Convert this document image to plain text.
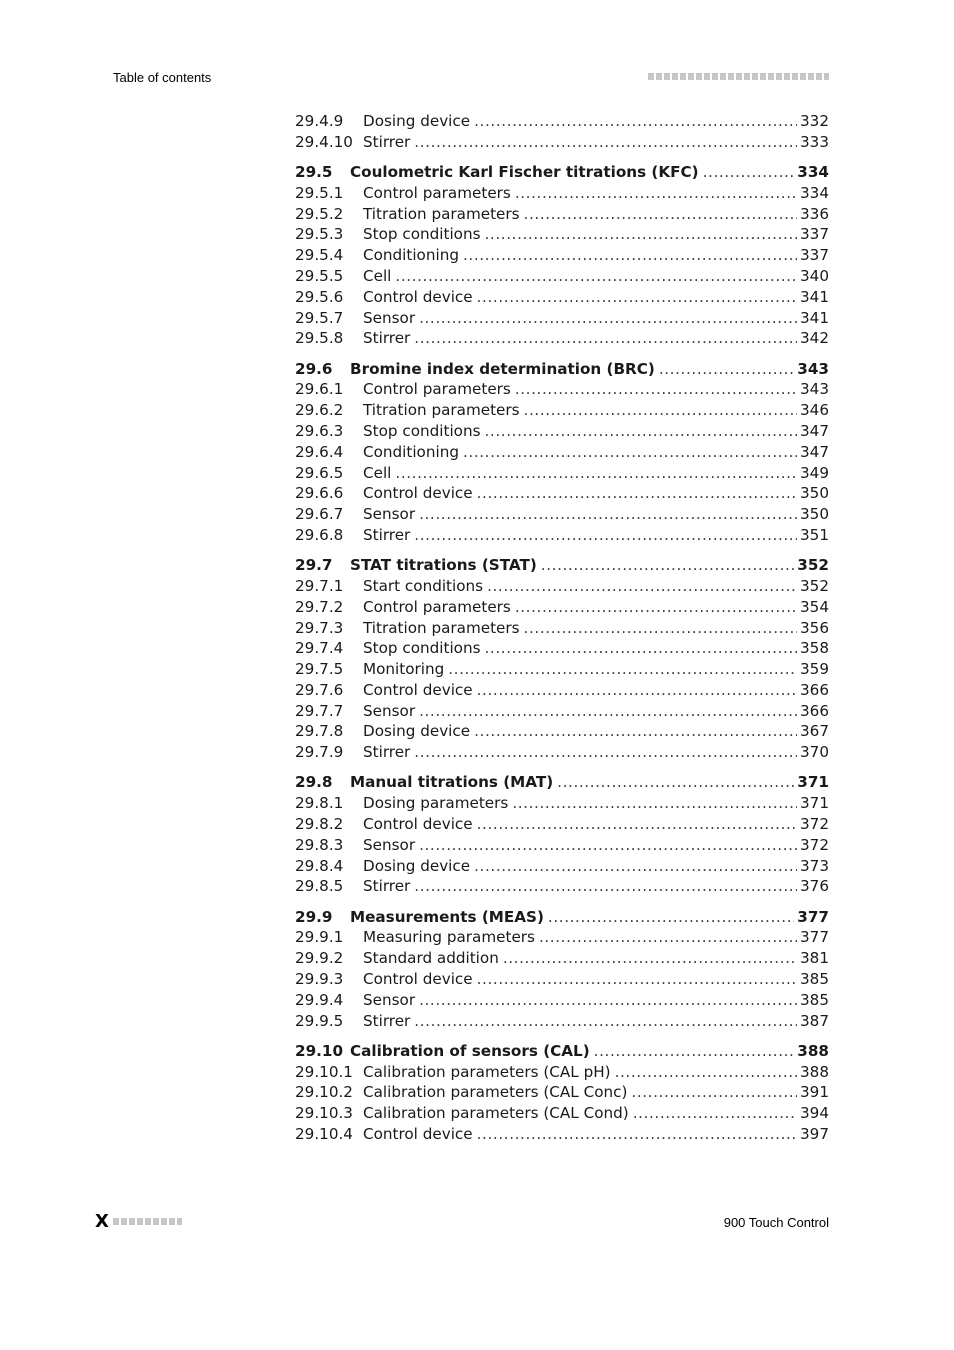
Table of contents
29.4.9	Dosing device .....	332
29.4.10 Stirrer .....	333
29.5	Coulometric Karl Fischer titrations (KFC) .....	334
29.5.1	Control parameters .....	334
29.5.2	Titration parameters .....	336
29.5.3	Stop conditions .....	337
29.5.4	Conditioning .....	337
29.5.5	Cell .....	340
29.5.6	Control device .....	341
29.5.7	Sensor .....	341
29.5.8	Stirrer .....	342
29.6	Bromine index determination (BRC) .....	343
29.6.1	Control parameters .....	343
29.6.2	Titration parameters .....	346
29.6.3	Stop conditions .....	347
29.6.4	Conditioning .....	347
29.6.5	Cell .....	349
29.6.6	Control device .....	350
29.6.7	Sensor .....	350
29.6.8	Stirrer .....	351
29.7	STAT titrations (STAT) .....	352
29.7.1	Start conditions .....	352
29.7.2	Control parameters .....	354
29.7.3	Titration parameters .....	356
29.7.4	Stop conditions .....	358
29.7.5	Monitoring .....	359
29.7.6	Control device .....	366
29.7.7	Sensor .....	366
29.7.8	Dosing device .....	367
29.7.9	Stirrer .....	370
29.8	Manual titrations (MAT) .....	371
29.8.1	Dosing parameters .....	371
29.8.2	Control device .....	372
29.8.3	Sensor .....	372
29.8.4	Dosing device .....	373
29.8.5	Stirrer .....	376
29.9	Measurements (MEAS) .....	377
29.9.1	Measuring parameters .....	377
29.9.2	Standard addition .....	381
29.9.3	Control device .....	385
29.9.4	Sensor .....	385
29.9.5	Stirrer .....	387
29.10 Calibration of sensors (CAL) .....	388
29.10.1 Calibration parameters (CAL pH) .....	388
29.10.2 Calibration parameters (CAL Conc) .....	391
29.10.3 Calibration parameters (CAL Cond) .....	394
29.10.4 Control device .....	397
X	900 Touch Control
